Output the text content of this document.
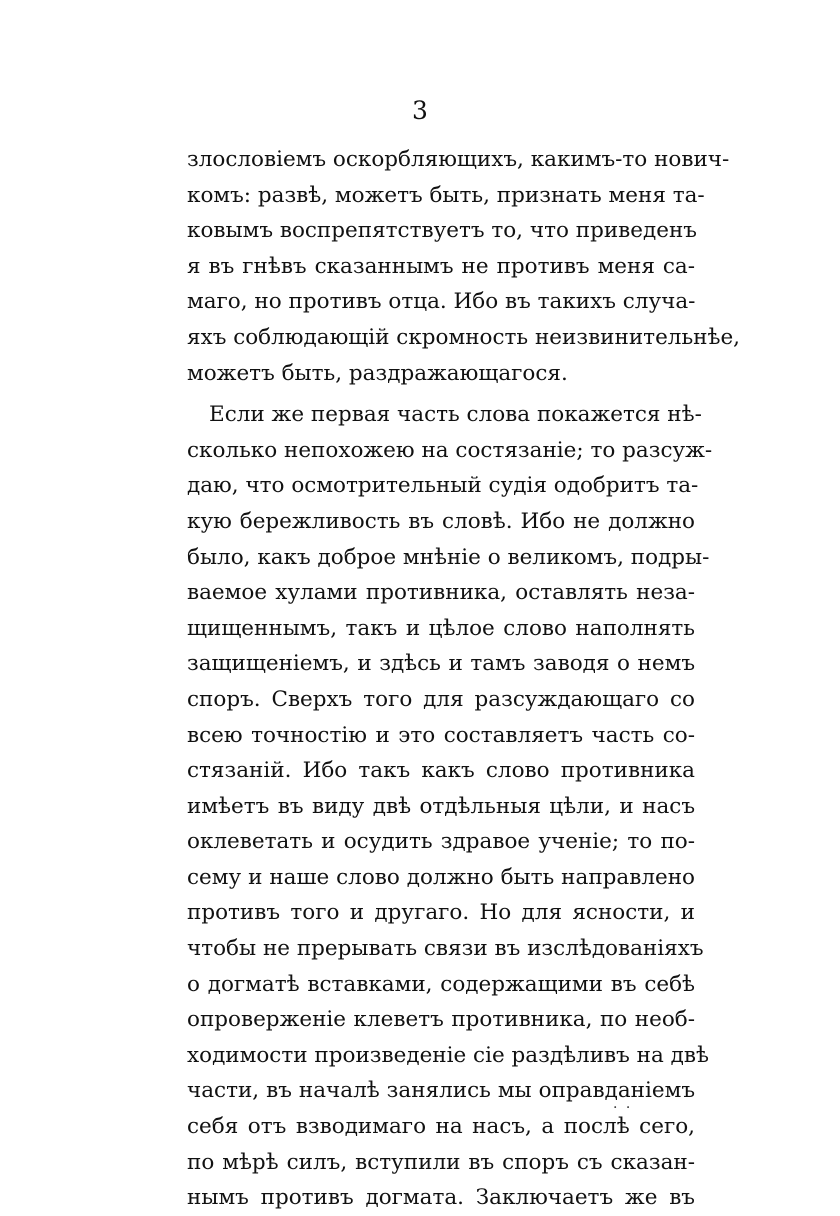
3
злословіемъ оскорбляющихъ, какимъ-то нович-
комъ: развѣ, можетъ быть, признать меня та-
ковымъ воспрепятствуетъ то, что приведенъ
я въ гнѣвъ сказаннымъ не противъ меня са-
маго, но противъ отца. Ибо въ такихъ случа-
яхъ соблюдающій скромность неизвинительнѣе,
можетъ быть, раздражающагося.
Если же первая часть слова покажется нѣ-
сколько непохожею на состязаніе; то разсуж-
даю, что осмотрительный судія одобритъ та-
кую бережливость въ словѣ. Ибо не должно
было, какъ доброе мнѣніе о великомъ, подры-
ваемое хулами противника, оставлять неза-
щищеннымъ, такъ и цѣлое слово наполнять
защищеніемъ, и здѣсь и тамъ заводя о немъ
споръ. Сверхъ того для разсуждающаго со
всею точностію и это составляетъ часть со-
стязаній. Ибо такъ какъ слово противника
имѣетъ въ виду двѣ отдѣльныя цѣли, и насъ
оклеветать и осудить здравое ученіе; то по-
сему и наше слово должно быть направлено
противъ того и другаго. Но для ясности, и
чтобы не прерывать связи въ изслѣдованіяхъ
о догматѣ вставками, содержащими въ себѣ
опроверженіе клеветъ противника, по необ-
ходимости произведеніе сіе раздѣливъ на двѣ
части, въ началѣ занялись мы оправданіемъ
себя отъ взводимаго на насъ, а послѣ сего,
по мѣрѣ силъ, вступили въ споръ съ сказан-
нымъ противъ догмата. Заключаетъ же въ
· ·
